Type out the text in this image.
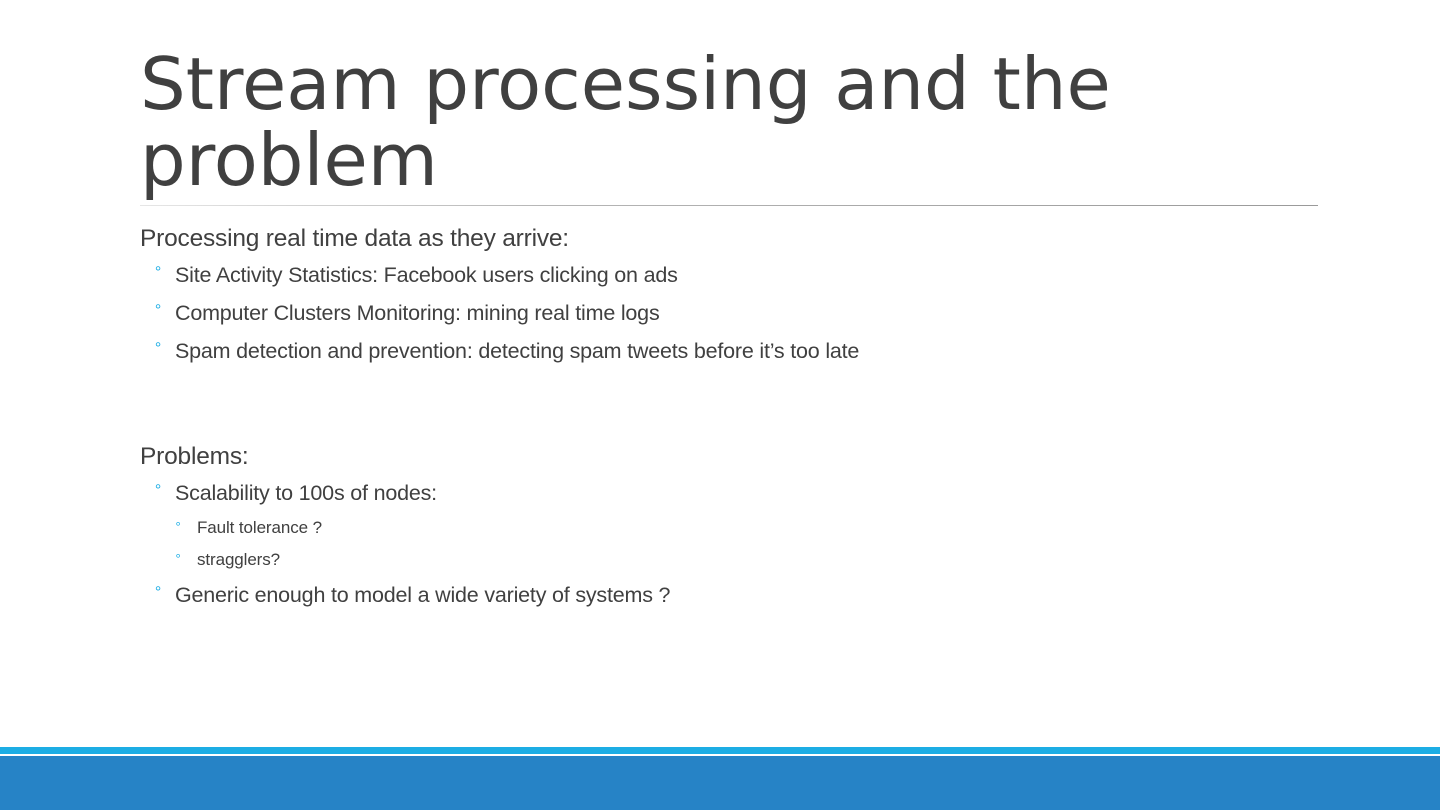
Stream processing and the problem

Processing real time data as they arrive:

° Site Activity Statistics: Facebook users clicking on ads
° Computer Clusters Monitoring: mining real time logs
° Spam detection and prevention: detecting spam tweets before it’s too late

Problems:

° Scalability to 100s of nodes:
° Fault tolerance ?
° stragglers?
° Generic enough to model a wide variety of systems ?
